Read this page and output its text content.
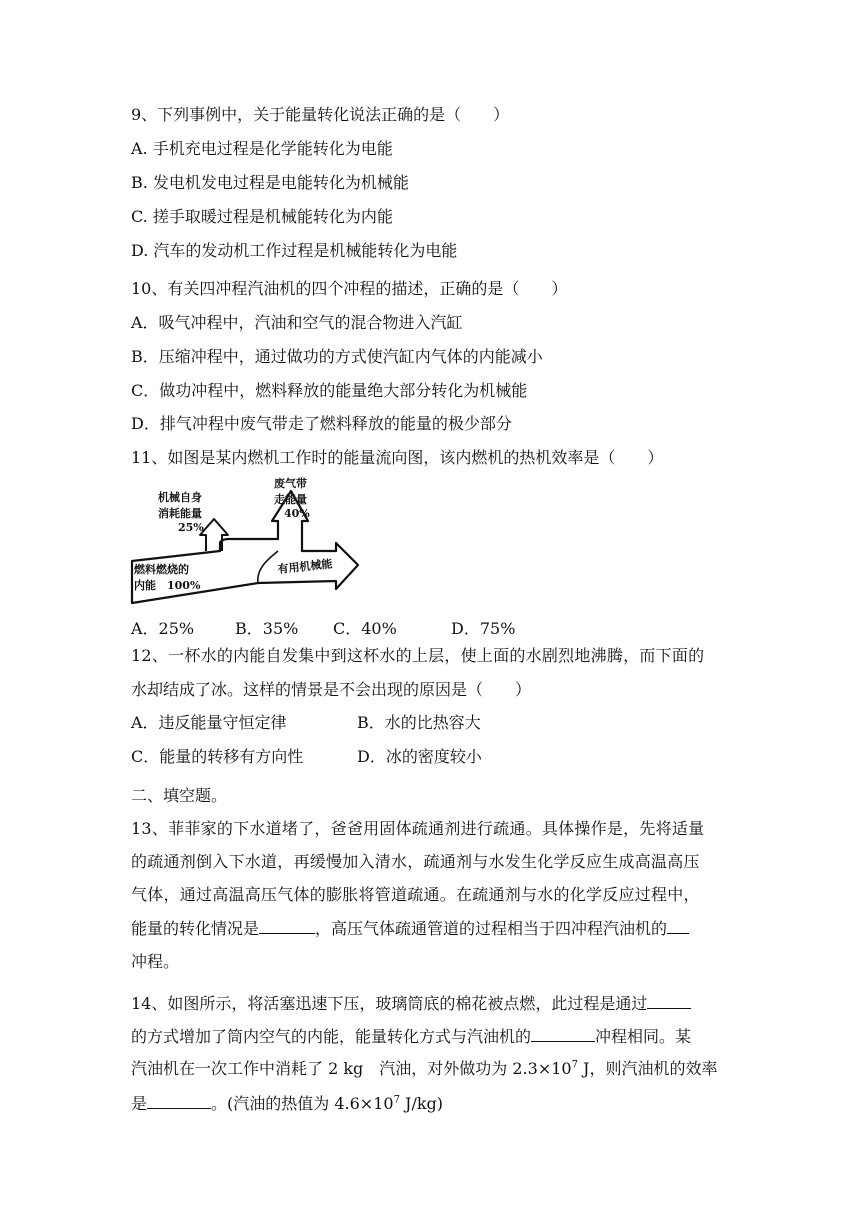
9、下列事例中，关于能量转化说法正确的是（　　）
A. 手机充电过程是化学能转化为电能
B. 发电机发电过程是电能转化为机械能
C. 搓手取暖过程是机械能转化为内能
D. 汽车的发动机工作过程是机械能转化为电能
10、有关四冲程汽油机的四个冲程的描述，正确的是（　　）
A．吸气冲程中，汽油和空气的混合物进入汽缸
B．压缩冲程中，通过做功的方式使汽缸内气体的内能减小
C．做功冲程中，燃料释放的能量绝大部分转化为机械能
D．排气冲程中废气带走了燃料释放的能量的极少部分
11、如图是某内燃机工作时的能量流向图，该内燃机的热机效率是（　　）
机械自身
消耗能量
25%
废气带
走能量
40%
燃料燃烧的
内能　100%
有用机械能
A．25%	B．35% C．40%	D．75%
12、一杯水的内能自发集中到这杯水的上层，使上面的水剧烈地沸腾，而下面的
水却结成了冰。这样的情景是不会出现的原因是（　　）
A．违反能量守恒定律	B．水的比热容大
C．能量的转移有方向性	D．冰的密度较小
二、填空题。
13、菲菲家的下水道堵了，爸爸用固体疏通剂进行疏通。具体操作是，先将适量
的疏通剂倒入下水道，再缓慢加入清水，疏通剂与水发生化学反应生成高温高压
气体，通过高温高压气体的膨胀将管道疏通。在疏通剂与水的化学反应过程中，
能量的转化情况是	，高压气体疏通管道的过程相当于四冲程汽油机的
冲程。
14、如图所示，将活塞迅速下压，玻璃筒底的棉花被点燃，此过程是通过
的方式增加了筒内空气的内能，能量转化方式与汽油机的	冲程相同。某
汽油机在一次工作中消耗了 2 kg　汽油，对外做功为 $2.3\times 10^7$ J，则汽油机的效率
是	。(汽油的热值为 $4.6\times 10^7$ J/kg)
